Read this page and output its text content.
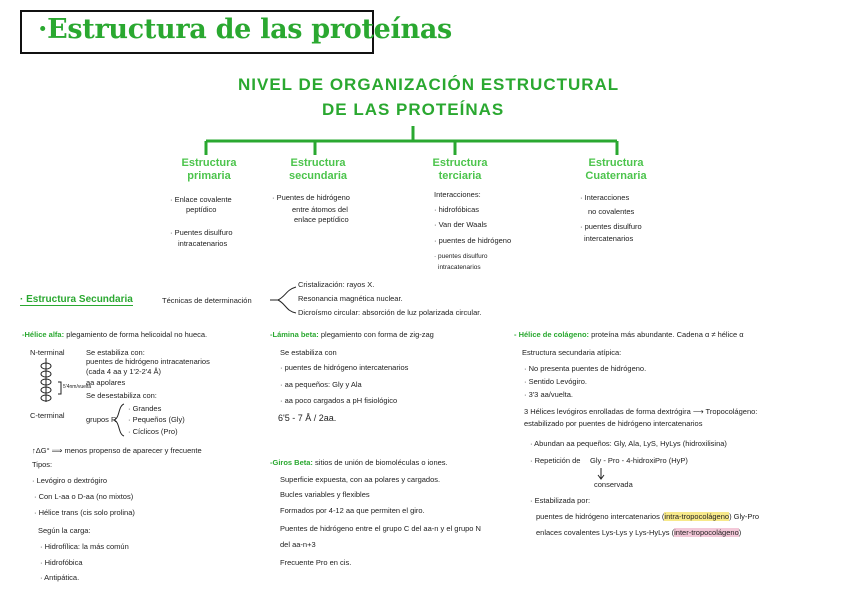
·Estructura de las proteínas
NIVEL DE ORGANIZACIÓN ESTRUCTURAL
DE LAS PROTEÍNAS
Estructura
primaria
· Enlace covalente
peptídico
· Puentes disulfuro
intracatenarios
Estructura
secundaria
· Puentes de hidrógeno
entre átomos del
enlace peptídico
Estructura
terciaria
Interacciones:
· hidrofóbicas
· Van der Waals
· puentes de hidrógeno
· puentes disulfuro
intracatenarios
Estructura
Cuaternaria
· Interacciones
no covalentes
· puentes disulfuro
intercatenarios
· Estructura Secundaria	Técnicas de determinación
Cristalización: rayos X.
Resonancia magnética nuclear.
Dicroísmo circular: absorción de luz polarizada circular.
-Hélice alfa: plegamiento de forma helicoidal no hueca.
N-terminal
C-terminal
5'4nm/vuelta
Se estabiliza con:
puentes de hidrógeno intracatenarios
(cada 4 aa y 1'2-2'4 Å)
aa apolares
Se desestabiliza con:
grupos R
· Grandes
· Pequeños (Gly)
· Cíclicos (Pro)
↑ΔG° ⟹ menos propenso de aparecer y frecuente
Tipos:
· Levógiro o dextrógiro
· Con L-aa o D-aa (no mixtos)
· Hélice trans (cis solo prolina)
Según la carga:
· Hidrofílica: la más común
· Hidrofóbica
· Antipática.
-Lámina beta: plegamiento con forma de zig-zag
Se estabiliza con
· puentes de hidrógeno intercatenarios
· aa pequeños: Gly y Ala
· aa poco cargados a pH fisiológico
6'5 - 7 Å / 2aa.
-Giros Beta: sitios de unión de biomoléculas o iones.
Superficie expuesta, con aa polares y cargados.
Bucles variables y flexibles
Formados por 4-12 aa que permiten el giro.
Puentes de hidrógeno entre el grupo C del aa-n y el grupo N
del aa-n+3
Frecuente Pro en cis.
- Hélice de colágeno: proteína más abundante. Cadena α ≠ hélice α
Estructura secundaria atípica:
· No presenta puentes de hidrógeno.
· Sentido Levógiro.
· 3'3 aa/vuelta.
3 Hélices levógiros enrolladas de forma dextrógira ⟶ Tropocolágeno:
estabilizado por puentes de hidrógeno intercatenarios
· Abundan aa pequeños: Gly, Ala, LyS, HyLys (hidroxilisina)
· Repetición de Gly - Pro - 4-hidroxiPro (HyP)
conservada
· Estabilizada por:
puentes de hidrógeno intercatenarios (intra-tropocolágeno) Gly-Pro
enlaces covalentes Lys-Lys y Lys-HyLys (inter-tropocolágeno)
